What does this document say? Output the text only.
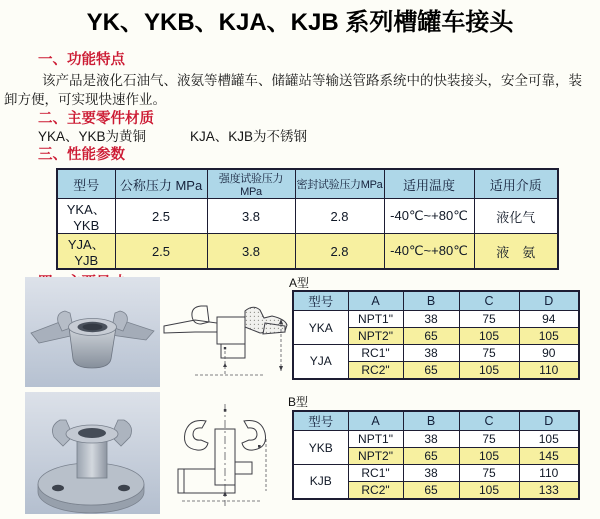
YK、YKB、KJA、KJB 系列槽罐车接头
一、功能特点

该产品是液化石油气、液氨等槽罐车、储罐站等输送管路系统中的快装接头，安全可靠，装卸方便，可实现快速作业。

二、主要零件材质
YKA、YKB为黄铜	KJA、KJB为不锈钢
三、性能参数
型号	公称压力 MPa	强度试验压力MPa	密封试验压力MPa	适用温度	适用介质
YKA、YKB	2.5	3.8	2.8	-40℃~+80℃	液化气
YJA、YJB	2.5	3.8	2.8	-40℃~+80℃	液　氨
A型
型号	A	B	C	D
YKA	NPT1"	38	75	94
	NPT2"	65	105	105
YJA	RC1"	38	75	90
	RC2"	65	105	110
B型
型号	A	B	C	D
YKB	NPT1"	38	75	105
	NPT2"	65	105	145
KJB	RC1"	38	75	110
	RC2"	65	105	133
